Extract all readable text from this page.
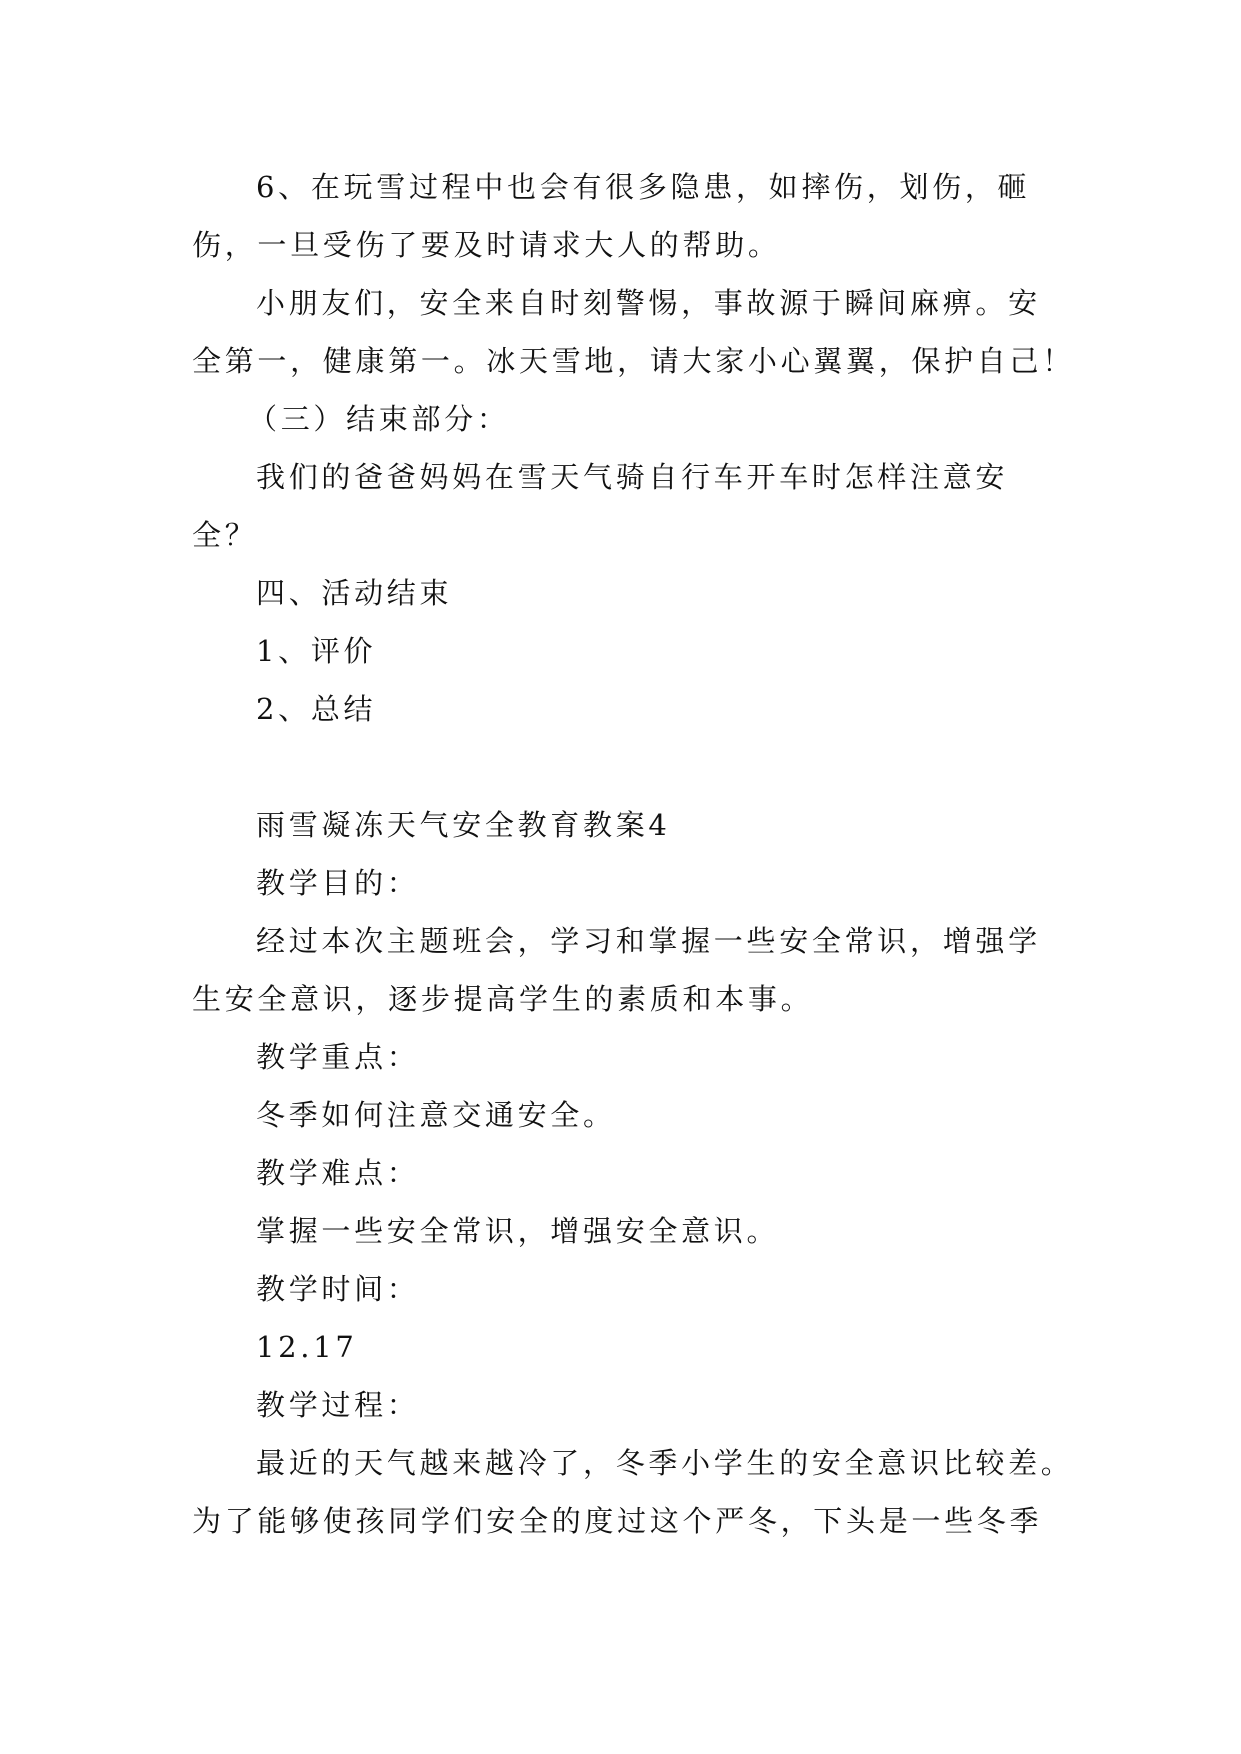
6、在玩雪过程中也会有很多隐患，如摔伤，划伤，砸
伤，一旦受伤了要及时请求大人的帮助。
小朋友们，安全来自时刻警惕，事故源于瞬间麻痹。安
全第一，健康第一。冰天雪地，请大家小心翼翼，保护自己！
（三）结束部分：
我们的爸爸妈妈在雪天气骑自行车开车时怎样注意安
全？
四、活动结束
1、评价
2、总结
雨雪凝冻天气安全教育教案4
教学目的：
经过本次主题班会，学习和掌握一些安全常识，增强学
生安全意识，逐步提高学生的素质和本事。
教学重点：
冬季如何注意交通安全。
教学难点：
掌握一些安全常识，增强安全意识。
教学时间：
12.17
教学过程：
最近的天气越来越冷了，冬季小学生的安全意识比较差。
为了能够使孩同学们安全的度过这个严冬，下头是一些冬季
